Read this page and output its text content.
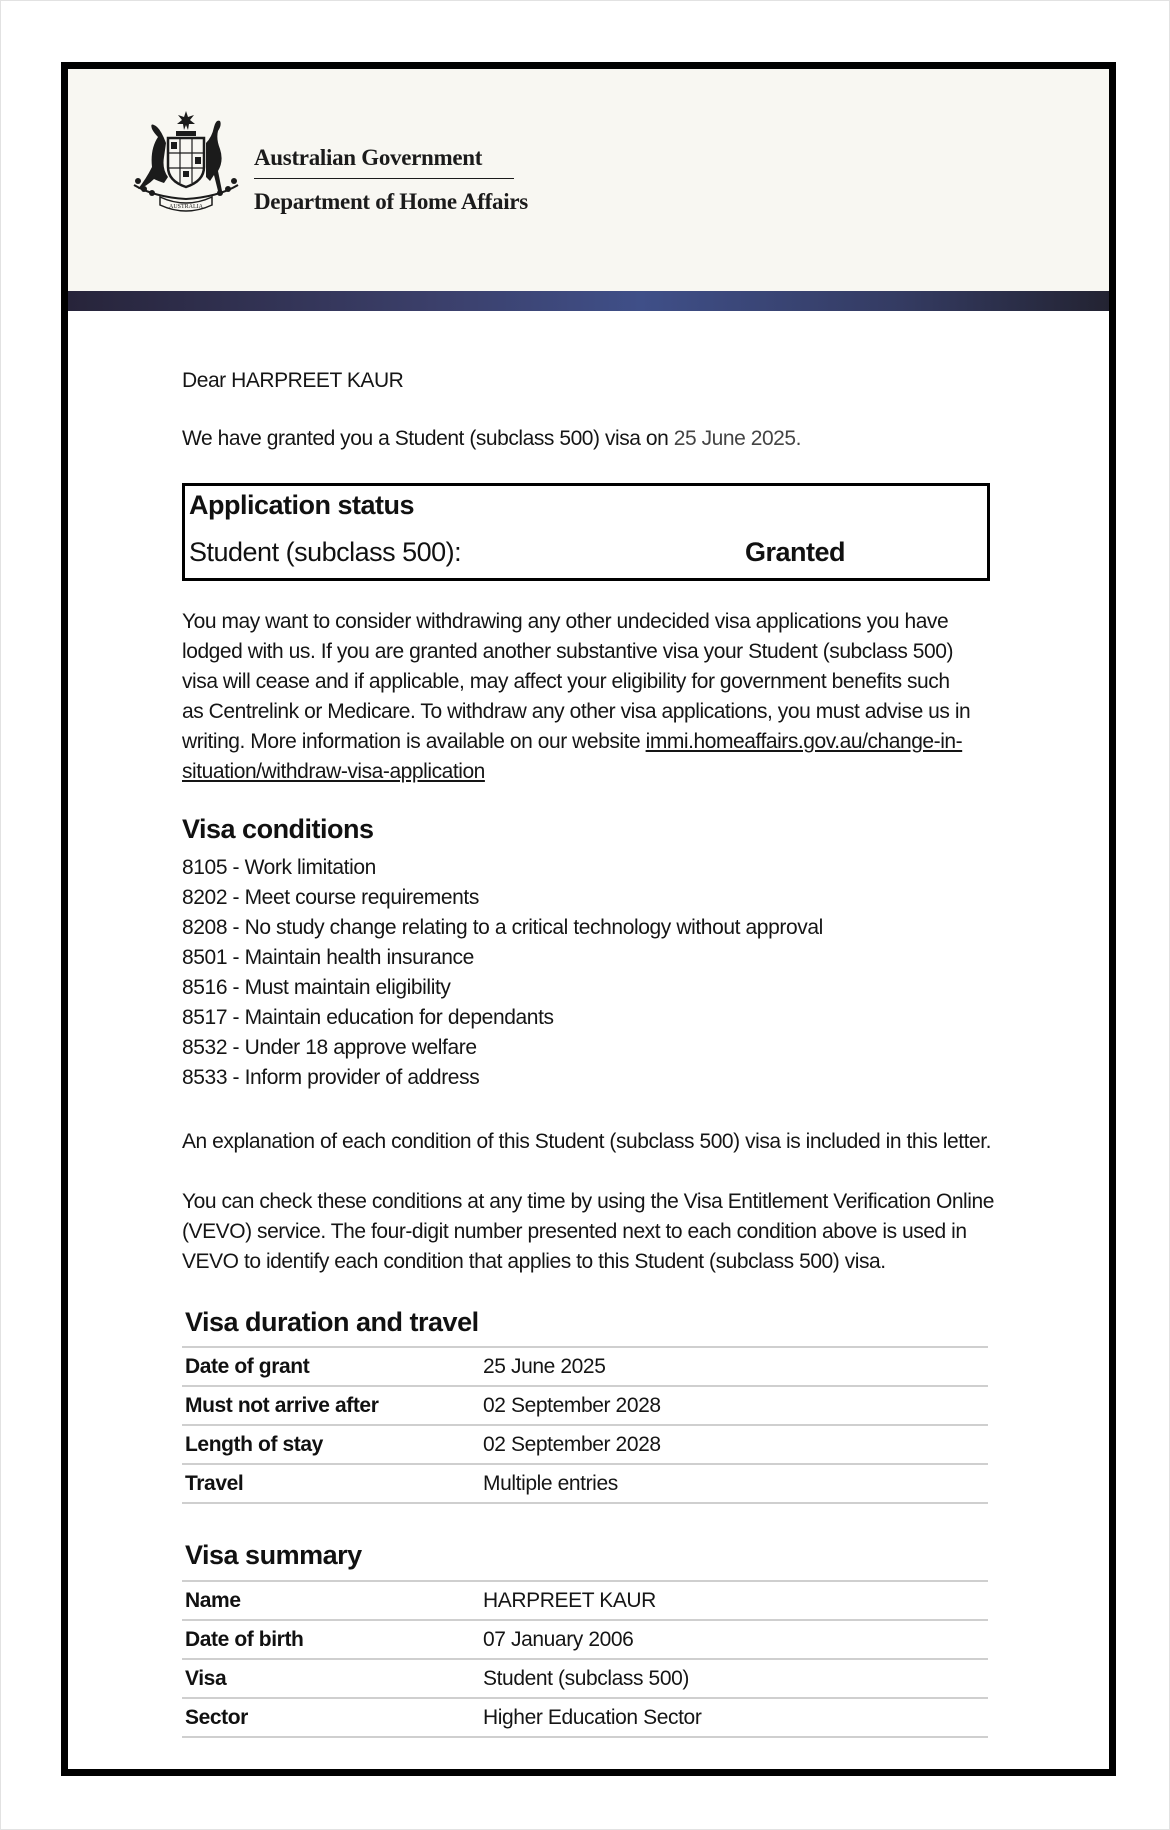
AUSTRALIA
Australian Government
Department of Home Affairs
Dear HARPREET KAUR
We have granted you a Student (subclass 500) visa on 25 June 2025.
Application status
Student (subclass 500):	Granted
You may want to consider withdrawing any other undecided visa applications you have
lodged with us. If you are granted another substantive visa your Student (subclass 500)
visa will cease and if applicable, may affect your eligibility for government benefits such
as Centrelink or Medicare. To withdraw any other visa applications, you must advise us in
writing. More information is available on our website immi.homeaffairs.gov.au/change-in-
situation/withdraw-visa-application
Visa conditions
8105 - Work limitation
8202 - Meet course requirements
8208 - No study change relating to a critical technology without approval
8501 - Maintain health insurance
8516 - Must maintain eligibility
8517 - Maintain education for dependants
8532 - Under 18 approve welfare
8533 - Inform provider of address
An explanation of each condition of this Student (subclass 500) visa is included in this letter.
You can check these conditions at any time by using the Visa Entitlement Verification Online
(VEVO) service. The four-digit number presented next to each condition above is used in
VEVO to identify each condition that applies to this Student (subclass 500) visa.
Visa duration and travel
Date of grant	25 June 2025
Must not arrive after	02 September 2028
Length of stay	02 September 2028
Travel	Multiple entries
Visa summary
Name	HARPREET KAUR
Date of birth	07 January 2006
Visa	Student (subclass 500)
Sector	Higher Education Sector
